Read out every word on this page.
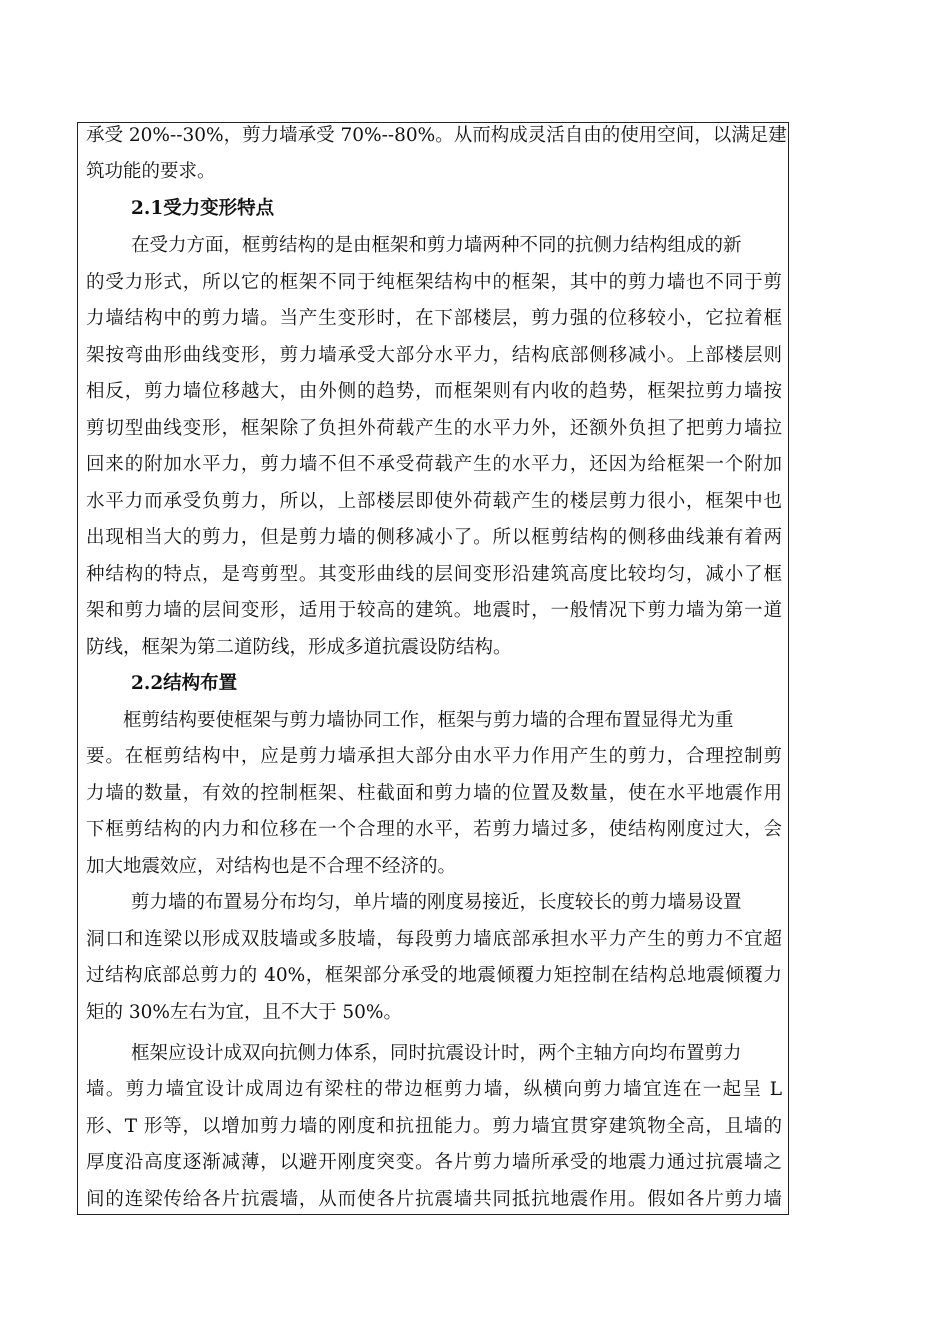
承受 20%--30%，剪力墙承受 70%--80%。从而构成灵活自由的使用空间，以满足建
筑功能的要求。
2.1受力变形特点
在受力方面，框剪结构的是由框架和剪力墙两种不同的抗侧力结构组成的新
的受力形式，所以它的框架不同于纯框架结构中的框架，其中的剪力墙也不同于剪
力墙结构中的剪力墙。当产生变形时，在下部楼层，剪力强的位移较小，它拉着框
架按弯曲形曲线变形，剪力墙承受大部分水平力，结构底部侧移减小。上部楼层则
相反，剪力墙位移越大，由外侧的趋势，而框架则有内收的趋势，框架拉剪力墙按
剪切型曲线变形，框架除了负担外荷载产生的水平力外，还额外负担了把剪力墙拉
回来的附加水平力，剪力墙不但不承受荷载产生的水平力，还因为给框架一个附加
水平力而承受负剪力，所以，上部楼层即使外荷载产生的楼层剪力很小，框架中也
出现相当大的剪力，但是剪力墙的侧移减小了。所以框剪结构的侧移曲线兼有着两
种结构的特点，是弯剪型。其变形曲线的层间变形沿建筑高度比较均匀，减小了框
架和剪力墙的层间变形，适用于较高的建筑。地震时，一般情况下剪力墙为第一道
防线，框架为第二道防线，形成多道抗震设防结构。
2.2结构布置
框剪结构要使框架与剪力墙协同工作，框架与剪力墙的合理布置显得尤为重
要。在框剪结构中，应是剪力墙承担大部分由水平力作用产生的剪力，合理控制剪
力墙的数量，有效的控制框架、柱截面和剪力墙的位置及数量，使在水平地震作用
下框剪结构的内力和位移在一个合理的水平，若剪力墙过多，使结构刚度过大，会
加大地震效应，对结构也是不合理不经济的。
剪力墙的布置易分布均匀，单片墙的刚度易接近，长度较长的剪力墙易设置
洞口和连梁以形成双肢墙或多肢墙，每段剪力墙底部承担水平力产生的剪力不宜超
过结构底部总剪力的 40%，框架部分承受的地震倾覆力矩控制在结构总地震倾覆力
矩的 30%左右为宜，且不大于 50%。
框架应设计成双向抗侧力体系，同时抗震设计时，两个主轴方向均布置剪力
墙。剪力墙宜设计成周边有梁柱的带边框剪力墙，纵横向剪力墙宜连在一起呈 L
形、T 形等，以增加剪力墙的刚度和抗扭能力。剪力墙宜贯穿建筑物全高，且墙的
厚度沿高度逐渐减薄，以避开刚度突变。各片剪力墙所承受的地震力通过抗震墙之
间的连梁传给各片抗震墙，从而使各片抗震墙共同抵抗地震作用。假如各片剪力墙
